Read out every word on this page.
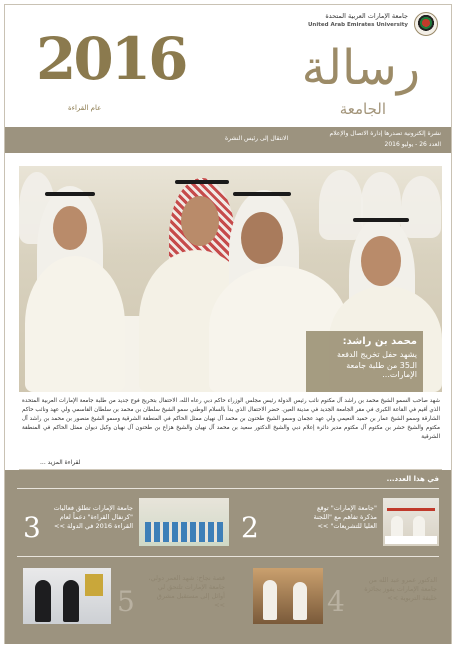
جامعة الإمارات العربية المتحدة
United Arab Emirates University
رسالة
الجامعة
2016
عام القراءة
نشرة إلكترونية تصدرها إدارة الاتصال والإعلام
العدد 26 - يوليو 2016
الانتقال إلى رئيس النشرة
محمد بن راشد:
يشهد حفل تخريج الدفعة
الـ35 من طلبة جامعة الإمارات...
شهد صاحب السمو الشيخ محمد بن راشد آل مكتوم نائب رئيس الدولة رئيس مجلس الوزراء حاكم دبي رعاه الله، الاحتفال بتخريج فوج جديد من طلبة جامعة الإمارات العربية المتحدة الذي أقيم في القاعة الكبرى في مقر الجامعة الجديد في مدينة العين. حضر الاحتفال الذي بدأ بالسلام الوطني سمو الشيخ سلطان بن محمد بن سلطان القاسمي ولي عهد ونائب حاكم الشارقة وسمو الشيخ عمار بن حميد النعيمي ولي عهد عجمان وسمو الشيخ طحنون بن محمد آل نهيان ممثل الحاكم في المنطقة الشرقية وسمو الشيخ منصور بن محمد بن راشد آل مكتوم والشيخ حشر بن مكتوم آل مكتوم مدير دائرة إعلام دبي والشيخ الدكتور سعيد بن محمد آل نهيان والشيخ هزاع بن طحنون آل نهيان وكيل ديوان ممثل الحاكم في المنطقة الشرقية
لقراءة المزيد ...
في هذا العدد...
"جامعة الإمارات" توقع مذكرة تفاهم مع "اللجنة العليا للتشريعات" >>
2
جامعة الإمارات تطلق فعاليات "كرنفال القراءة" دعماً لعام القراءة 2016 في الدولة >>
3
الدكتور عمرو عبد الله من جامعة الإمارات يفوز بجائزة خليفة التربوية >>
4
قصة نجاح: شهد العمر دولي، جامعة الإمارات تلتحق لي أوائل إلى مستقبل مشرق >>
5
